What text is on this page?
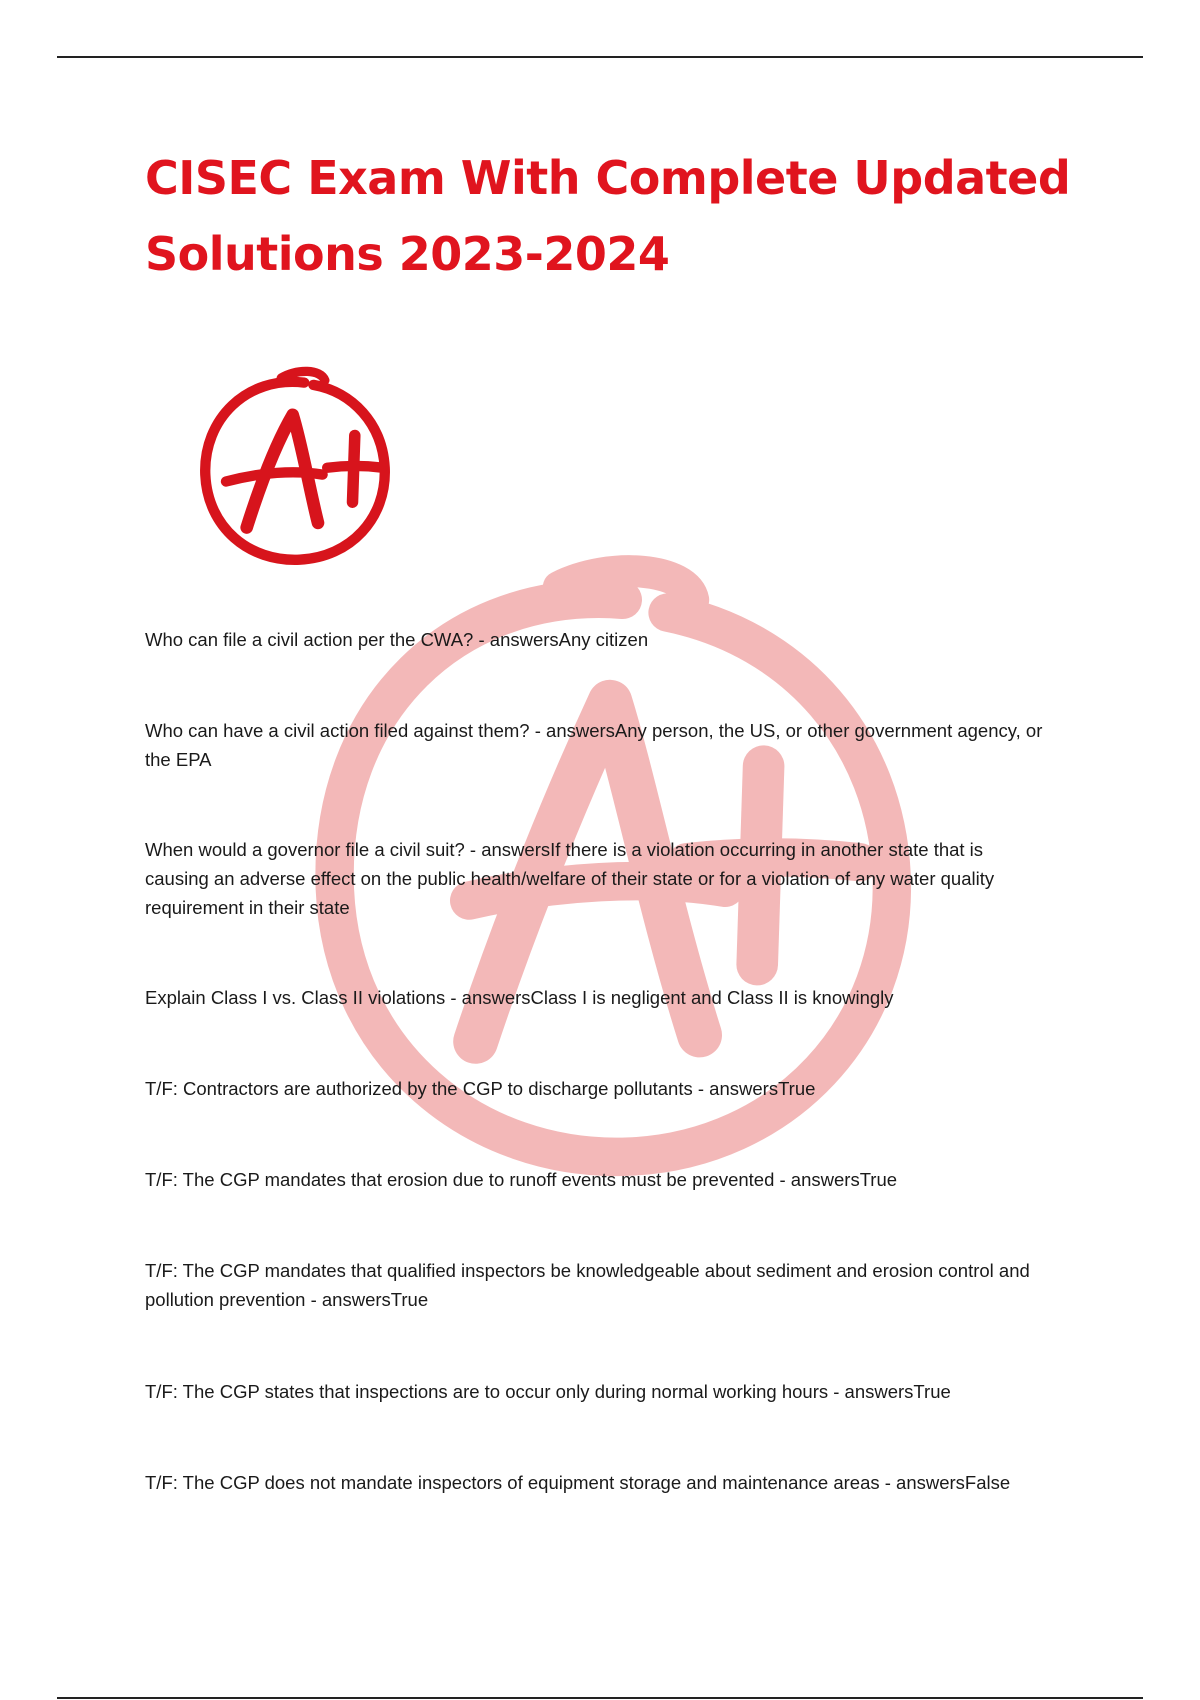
CISEC Exam With Complete Updated
Solutions 2023-2024
Who can file a civil action per the CWA? - answersAny citizen
Who can have a civil action filed against them? - answersAny person, the US, or other government agency, or the EPA
When would a governor file a civil suit? - answersIf there is a violation occurring in another state that is causing an adverse effect on the public health/welfare of their state or for a violation of any water quality requirement in their state
Explain Class I vs. Class II violations - answersClass I is negligent and Class II is knowingly
T/F: Contractors are authorized by the CGP to discharge pollutants - answersTrue
T/F: The CGP mandates that erosion due to runoff events must be prevented - answersTrue
T/F: The CGP mandates that qualified inspectors be knowledgeable about sediment and erosion control and pollution prevention - answersTrue
T/F: The CGP states that inspections are to occur only during normal working hours - answersTrue
T/F: The CGP does not mandate inspectors of equipment storage and maintenance areas - answersFalse
